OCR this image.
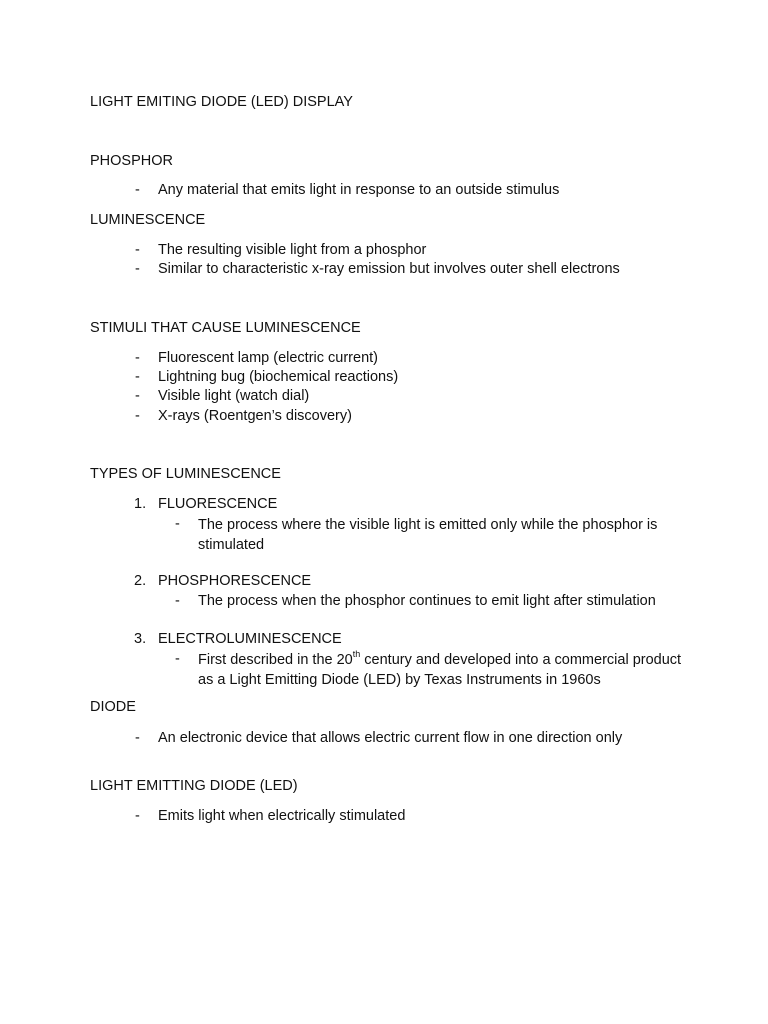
LIGHT EMITING DIODE (LED) DISPLAY
PHOSPHOR
-	Any material that emits light in response to an outside stimulus
LUMINESCENCE
-	The resulting visible light from a phosphor
-	Similar to characteristic x-ray emission but involves outer shell electrons
STIMULI THAT CAUSE LUMINESCENCE
-	Fluorescent lamp (electric current)
-	Lightning bug (biochemical reactions)
-	Visible light (watch dial)
-	X-rays (Roentgen’s discovery)
TYPES OF LUMINESCENCE
1. FLUORESCENCE
-	The process where the visible light is emitted only while the phosphor is stimulated
2. PHOSPHORESCENCE
-	The process when the phosphor continues to emit light after stimulation
3. ELECTROLUMINESCENCE
-	First described in the 20th century and developed into a commercial product as a Light Emitting Diode (LED) by Texas Instruments in 1960s
DIODE
-	An electronic device that allows electric current flow in one direction only
LIGHT EMITTING DIODE (LED)
-	Emits light when electrically stimulated
